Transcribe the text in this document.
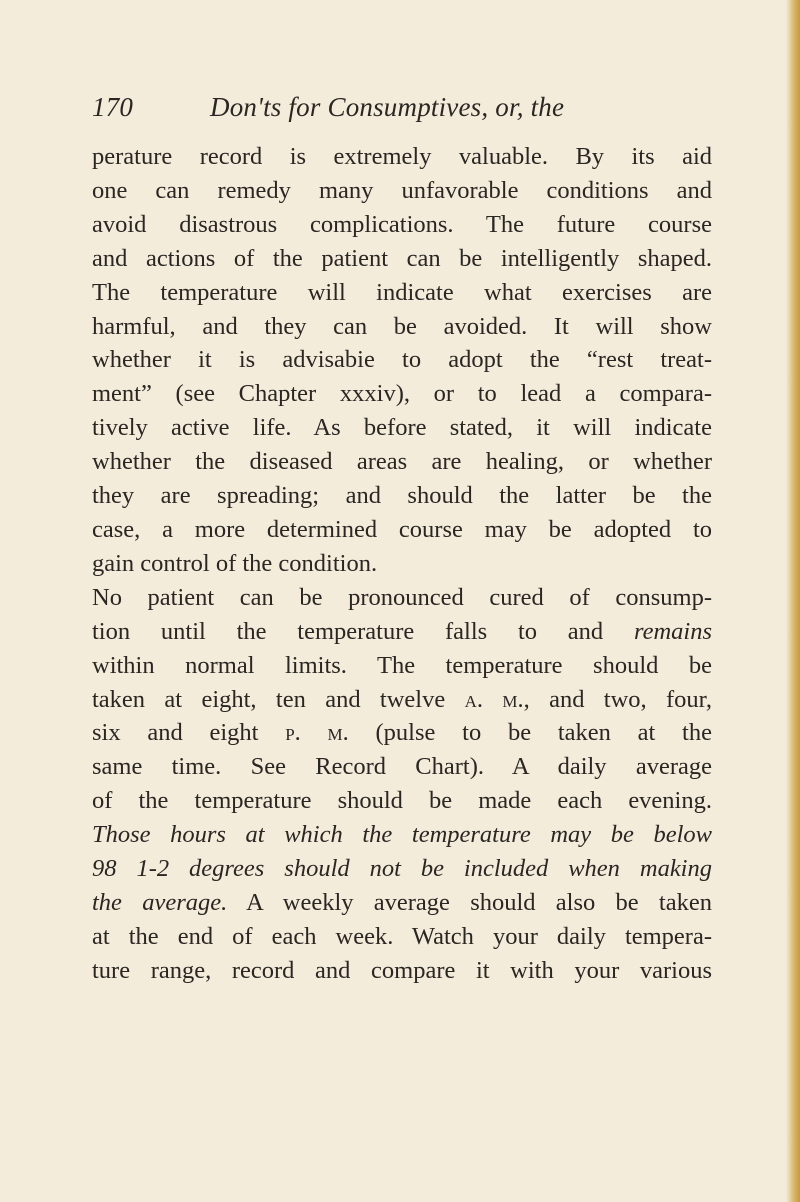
170	Don'ts for Consumptives, or, the
perature record is extremely valuable. By its aid
one can remedy many unfavorable conditions and
avoid disastrous complications. The future course
and actions of the patient can be intelligently shaped.
The temperature will indicate what exercises are
harmful, and they can be avoided. It will show
whether it is advisabie to adopt the “rest treat-
ment” (see Chapter xxxiv), or to lead a compara-
tively active life. As before stated, it will indicate
whether the diseased areas are healing, or whether
they are spreading; and should the latter be the
case, a more determined course may be adopted to
gain control of the condition.
No patient can be pronounced cured of consump-
tion until the temperature falls to and remains
within normal limits. The temperature should be
taken at eight, ten and twelve a. m., and two, four,
six and eight p. m. (pulse to be taken at the
same time. See Record Chart). A daily average
of the temperature should be made each evening.
Those hours at which the temperature may be below
98 1-2 degrees should not be included when making
the average. A weekly average should also be taken
at the end of each week. Watch your daily tempera-
ture range, record and compare it with your various
